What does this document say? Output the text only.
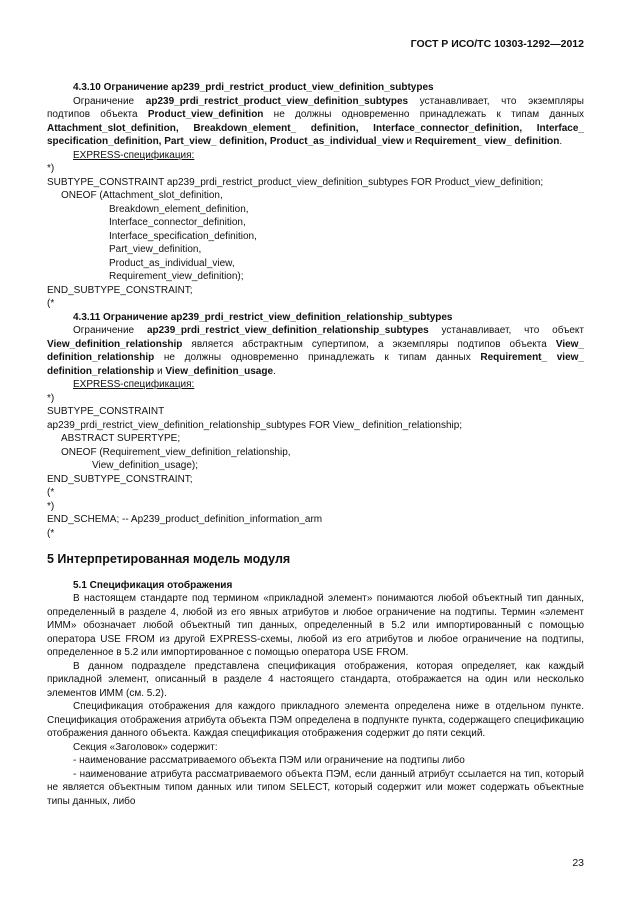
ГОСТ Р ИСО/ТС 10303-1292—2012

4.3.10 Ограничение ap239_prdi_restrict_product_view_definition_subtypes

Ограничение ap239_prdi_restrict_product_view_definition_subtypes устанавливает, что экземпляры подтипов объекта Product_view_definition не должны одновременно принадлежать к типам данных Attachment_slot_definition, Breakdown_element_ definition, Interface_connector_definition, Interface_ specification_definition, Part_view_ definition, Product_as_individual_view и Requirement_ view_ definition.

EXPRESS-спецификация:

*)

SUBTYPE_CONSTRAINT ap239_prdi_restrict_product_view_definition_subtypes FOR Product_view_definition;

ONEOF (Attachment_slot_definition,

Breakdown_element_definition,

Interface_connector_definition,

Interface_specification_definition,

Part_view_definition,

Product_as_individual_view,

Requirement_view_definition);

END_SUBTYPE_CONSTRAINT;

(*

4.3.11 Ограничение ap239_prdi_restrict_view_definition_relationship_subtypes

Ограничение ap239_prdi_restrict_view_definition_relationship_subtypes устанавливает, что объект View_definition_relationship является абстрактным супертипом, а экземпляры подтипов объекта View_ definition_relationship не должны одновременно принадлежать к типам данных Requirement_ view_ definition_relationship и View_definition_usage.

EXPRESS-спецификация:

*)

SUBTYPE_CONSTRAINT

ap239_prdi_restrict_view_definition_relationship_subtypes FOR View_ definition_relationship;

ABSTRACT SUPERTYPE;

ONEOF (Requirement_view_definition_relationship,

View_definition_usage);

END_SUBTYPE_CONSTRAINT;

(*

*)

END_SCHEMA; -- Ap239_product_definition_information_arm

(*

5 Интерпретированная модель модуля

5.1 Спецификация отображения

В настоящем стандарте под термином «прикладной элемент» понимаются любой объектный тип данных, определенный в разделе 4, любой из его явных атрибутов и любое ограничение на подтипы. Термин «элемент ИММ» обозначает любой объектный тип данных, определенный в 5.2 или импортированный с помощью оператора USE FROM из другой EXPRESS-схемы, любой из его атрибутов и любое ограничение на подтипы, определенное в 5.2 или импортированное с помощью оператора USE FROM.

В данном подразделе представлена спецификация отображения, которая определяет, как каждый прикладной элемент, описанный в разделе 4 настоящего стандарта, отображается на один или несколько элементов ИММ (см. 5.2).

Спецификация отображения для каждого прикладного элемента определена ниже в отдельном пункте. Спецификация отображения атрибута объекта ПЭМ определена в подпункте пункта, содержащего спецификацию отображения данного объекта. Каждая спецификация отображения содержит до пяти секций.

Секция «Заголовок» содержит:

- наименование рассматриваемого объекта ПЭМ или ограничение на подтипы либо

- наименование атрибута рассматриваемого объекта ПЭМ, если данный атрибут ссылается на тип, который не является объектным типом данных или типом SELECT, который содержит или может содержать объектные типы данных, либо

23
